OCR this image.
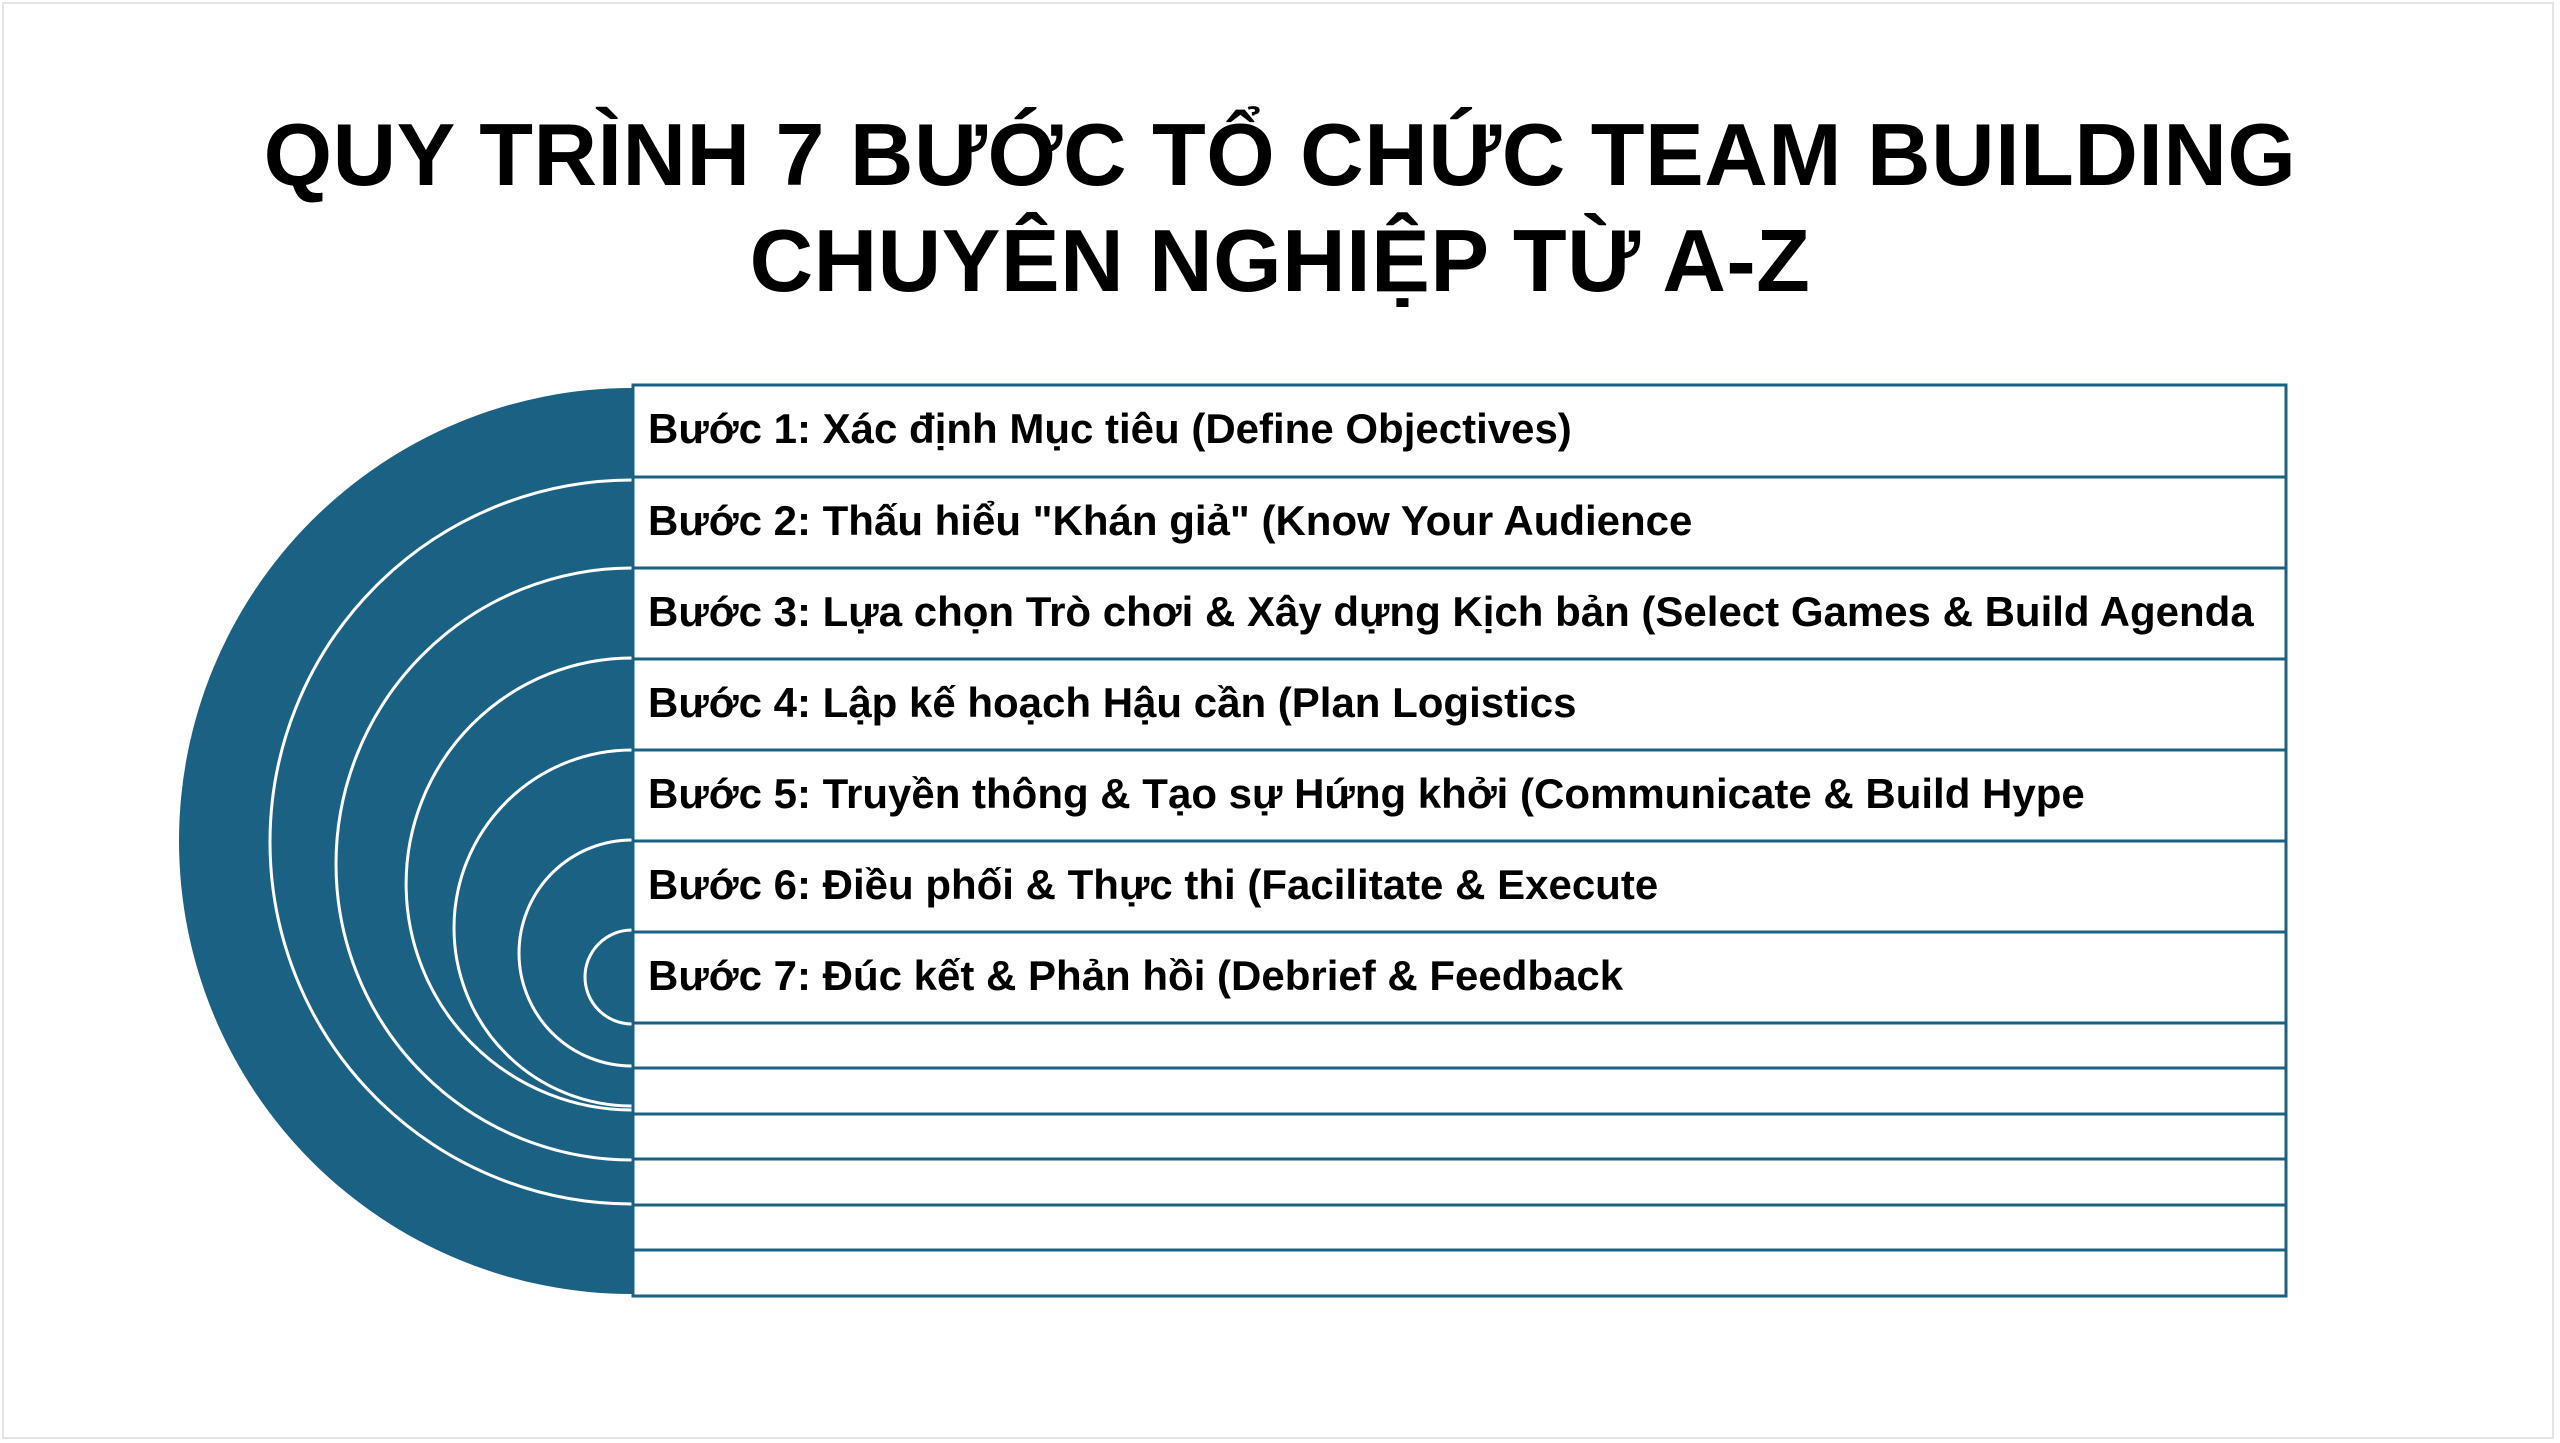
QUY TRÌNH 7 BƯỚC TỔ CHỨC TEAM BUILDING
CHUYÊN NGHIỆP TỪ A-Z
Bước 1: Xác định Mục tiêu (Define Objectives)
Bước 2: Thấu hiểu "Khán giả" (Know Your Audience
Bước 3: Lựa chọn Trò chơi & Xây dựng Kịch bản (Select Games & Build Agenda
Bước 4: Lập kế hoạch Hậu cần (Plan Logistics
Bước 5: Truyền thông & Tạo sự Hứng khởi (Communicate & Build Hype
Bước 6: Điều phối & Thực thi (Facilitate & Execute
Bước 7: Đúc kết & Phản hồi (Debrief & Feedback
